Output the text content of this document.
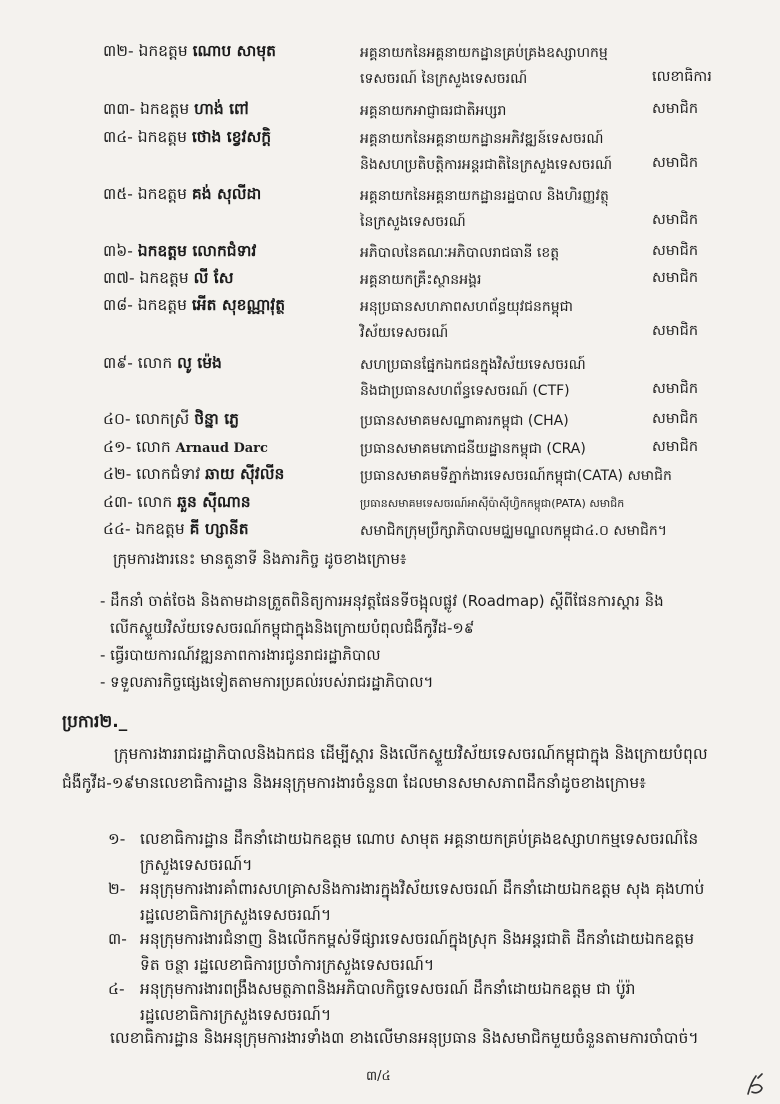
៣២- ឯកឧត្តម ណោប សាមុត	អគ្គនាយកនៃអគ្គនាយកដ្ឋានគ្រប់គ្រងឧស្សាហកម្ម
ទេសចរណ៍ នៃក្រសួងទេសចរណ៍	លេខាធិការ
៣៣- ឯកឧត្តម ហាង់ ពៅ	អគ្គនាយកអាជ្ញាធរជាតិអប្សរា	សមាជិក
៣៤- ឯកឧត្តម ថោង ខ្វេវសក្តិ	អគ្គនាយកនៃអគ្គនាយកដ្ឋានអភិវឌ្ឍន៍ទេសចរណ៍
និងសហប្រតិបត្តិការអន្តរជាតិនៃក្រសួងទេសចរណ៍	សមាជិក
៣៥- ឯកឧត្តម គង់ សុលីដា	អគ្គនាយកនៃអគ្គនាយកដ្ឋានរដ្ឋបាល និងហិរញ្ញវត្ថុ
នៃក្រសួងទេសចរណ៍	សមាជិក
៣៦- ឯកឧត្តម លោកជំទាវ	អភិបាលនៃគណៈអភិបាលរាជធានី ខេត្ត	សមាជិក
៣៧- ឯកឧត្តម លី សែ	អគ្គនាយកគ្រឹះស្ថានអង្គរ	សមាជិក
៣៨- ឯកឧត្តម អើត សុខណ្ណាវុត្ថ	អនុប្រធានសហភាពសហព័ន្ធយុវជនកម្ពុជា
វិស័យទេសចរណ៍	សមាជិក
៣៩- លោក លូ ម៉េង	សហប្រធានផ្នែកឯកជនក្នុងវិស័យទេសចរណ៍
និងជាប្រធានសហព័ន្ធទេសចរណ៍ (CTF)	សមាជិក
៤០- លោកស្រី ថិន្នា ភ្លេ	ប្រធានសមាគមសណ្ឋាគារកម្ពុជា (CHA)	សមាជិក
៤១- លោក Arnaud Darc	ប្រធានសមាគមភោជនីយដ្ឋានកម្ពុជា (CRA)	សមាជិក
៤២- លោកជំទាវ ឆាយ ស៊ីវលីន	ប្រធានសមាគមទីភ្នាក់ងារទេសចរណ៍កម្ពុជា(CATA) សមាជិក
៤៣- លោក ឆួន ស៊ីណាន	ប្រធានសមាគមទេសចរណ៍អាស៊ីប៉ាស៊ីហ្វិកកម្ពុជា(PATA) សមាជិក
៤៤- ឯកឧត្តម គី ហ្សានីត	សមាជិកក្រុមប្រឹក្សាភិបាលមជ្ឈមណ្ឌលកម្ពុជា៤.០ សមាជិក។
ក្រុមការងារនេះ មានតួនាទី និងភារកិច្ច ដូចខាងក្រោម៖
- ដឹកនាំ ចាត់ចែង និងតាមដានត្រួតពិនិត្យការអនុវត្តផែនទីចង្អុលផ្លូវ (Roadmap) ស្តីពីផែនការស្តារ និង
លើកស្ទួយវិស័យទេសចរណ៍កម្ពុជាក្នុងនិងក្រោយបំពុលជំងឺកូវីដ-១៩
- ធ្វើរបាយការណ៍វឌ្ឍនភាពការងារជូនរាជរដ្ឋាភិបាល
- ទទួលភារកិច្ចផ្សេងទៀតតាមការប្រគល់របស់រាជរដ្ឋាភិបាល។
ប្រការ២._
ក្រុមការងាររាជរដ្ឋាភិបាលនិងឯកជន ដើម្បីស្តារ និងលើកស្ទួយវិស័យទេសចរណ៍កម្ពុជាក្នុង និងក្រោយបំពុល
ជំងឺកូវីដ-១៩មានលេខាធិការដ្ឋាន និងអនុក្រុមការងារចំនួន៣ ដែលមានសមាសភាពដឹកនាំដូចខាងក្រោម៖
១- លេខាធិការដ្ឋាន ដឹកនាំដោយឯកឧត្តម ណោប សាមុត អគ្គនាយកគ្រប់គ្រងឧស្សាហកម្មទេសចរណ៍នៃ
ក្រសួងទេសចរណ៍។
២- អនុក្រុមការងារគាំពារសហគ្រាសនិងការងារក្នុងវិស័យទេសចរណ៍ ដឹកនាំដោយឯកឧត្តម សុង គុងហាប់
រដ្ឋលេខាធិការក្រសួងទេសចរណ៍។
៣- អនុក្រុមការងារជំនាញ និងលើកកម្ពស់ទីផ្សារទេសចរណ៍ក្នុងស្រុក និងអន្តរជាតិ ដឹកនាំដោយឯកឧត្តម
ទិត ចន្ថា រដ្ឋលេខាធិការប្រចាំការក្រសួងទេសចរណ៍។
៤- អនុក្រុមការងារពង្រឹងសមត្ថភាពនិងអភិបាលកិច្ចទេសចរណ៍ ដឹកនាំដោយឯកឧត្តម ជា ប៉ូរ៉ា
រដ្ឋលេខាធិការក្រសួងទេសចរណ៍។
លេខាធិការដ្ឋាន និងអនុក្រុមការងារទាំង៣ ខាងលើមានអនុប្រធាន និងសមាជិកមួយចំនួនតាមការចាំបាច់។
៣/៤
